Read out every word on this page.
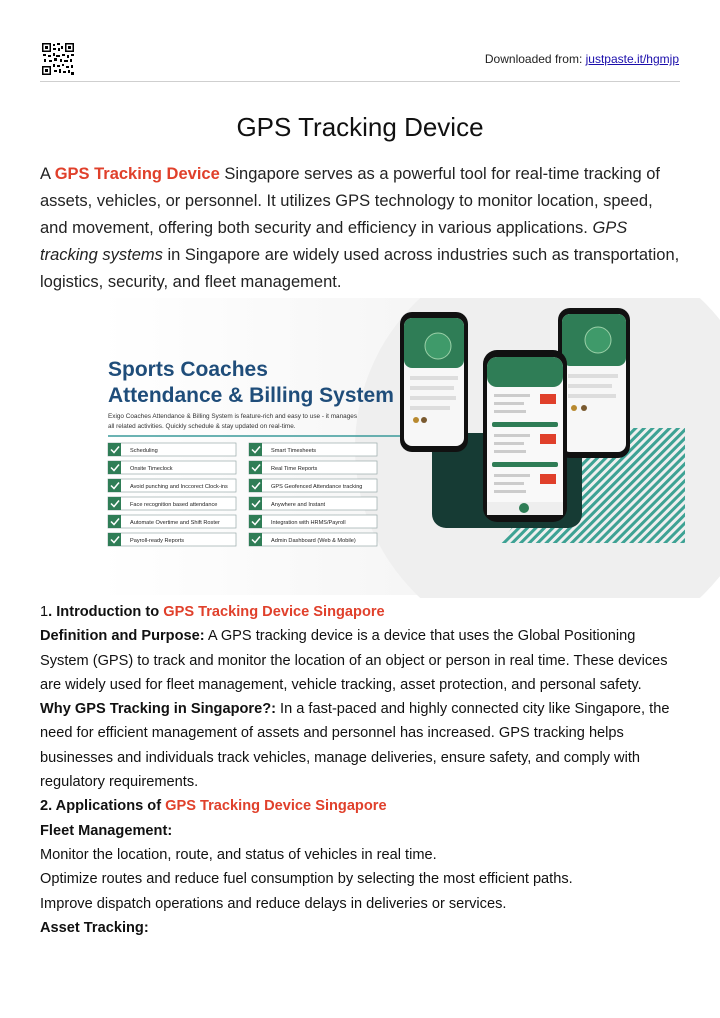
Downloaded from: justpaste.it/hgmjp
GPS Tracking Device

A GPS Tracking Device Singapore serves as a powerful tool for real-time tracking of assets, vehicles, or personnel. It utilizes GPS technology to monitor location, speed, and movement, offering both security and efficiency in various applications. GPS tracking systems in Singapore are widely used across industries such as transportation, logistics, security, and fleet management.

Sports Coaches
Attendance & Billing System
Exigo Coaches Attendance & Billing System is feature-rich and easy to use - it manages
all related activities. Quickly schedule & stay updated on real-time.
Scheduling
Onsite Timeclock
Avoid punching and Inccorect Clock-ins
Face recognition based attendance
Automate Overtime and Shift Roster
Payroll-ready Reports
Smart Timesheets
Real Time Reports
GPS Geofenced Attendance tracking
Anywhere and Instant
Integration with HRMS/Payroll
Admin Dashboard (Web & Mobile)

1. Introduction to GPS Tracking Device Singapore

Definition and Purpose: A GPS tracking device is a device that uses the Global Positioning System (GPS) to track and monitor the location of an object or person in real time. These devices are widely used for fleet management, vehicle tracking, asset protection, and personal safety.

Why GPS Tracking in Singapore?: In a fast-paced and highly connected city like Singapore, the need for efficient management of assets and personnel has increased. GPS tracking helps businesses and individuals track vehicles, manage deliveries, ensure safety, and comply with regulatory requirements.

2. Applications of GPS Tracking Device Singapore

Fleet Management:

Monitor the location, route, and status of vehicles in real time.

Optimize routes and reduce fuel consumption by selecting the most efficient paths.

Improve dispatch operations and reduce delays in deliveries or services.

Asset Tracking:
